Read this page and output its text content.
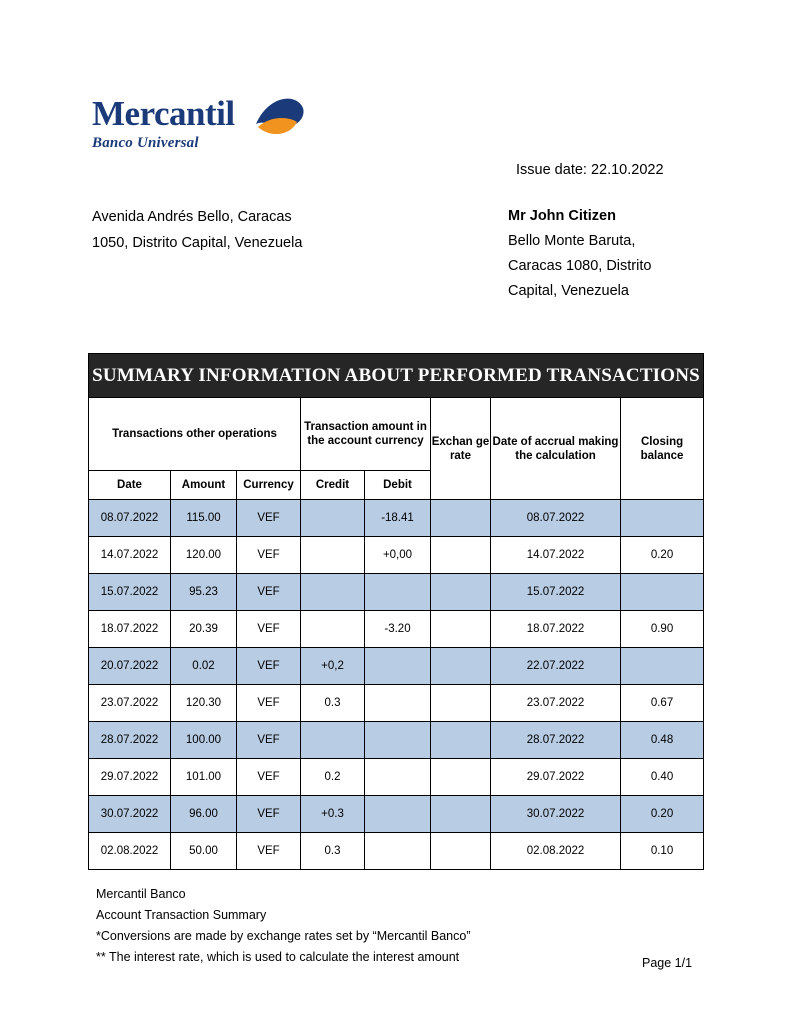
Mercantil
Banco Universal
Issue date: 22.10.2022
Avenida Andrés Bello, Caracas
1050, Distrito Capital, Venezuela
Mr John Citizen
Bello Monte Baruta,
Caracas 1080, Distrito
Capital, Venezuela
SUMMARY INFORMATION ABOUT PERFORMED TRANSACTIONS							
Transactions other operations			Transaction amount in the account currency		Exchan ge rate	Date of accrual making the calculation	Closing balance
Date	Amount	Currency	Credit	Debit			
08.07.2022	115.00	VEF		-18.41		08.07.2022	
14.07.2022	120.00	VEF		+0,00		14.07.2022	0.20
15.07.2022	95.23	VEF				15.07.2022	
18.07.2022	20.39	VEF		-3.20		18.07.2022	0.90
20.07.2022	0.02	VEF	+0,2			22.07.2022	
23.07.2022	120.30	VEF	0.3			23.07.2022	0.67
28.07.2022	100.00	VEF				28.07.2022	0.48
29.07.2022	101.00	VEF	0.2			29.07.2022	0.40
30.07.2022	96.00	VEF	+0.3			30.07.2022	0.20
02.08.2022	50.00	VEF	0.3			02.08.2022	0.10
Mercantil Banco
Account Transaction Summary
*Conversions are made by exchange rates set by “Mercantil Banco”
** The interest rate, which is used to calculate the interest amount	Page 1/1
